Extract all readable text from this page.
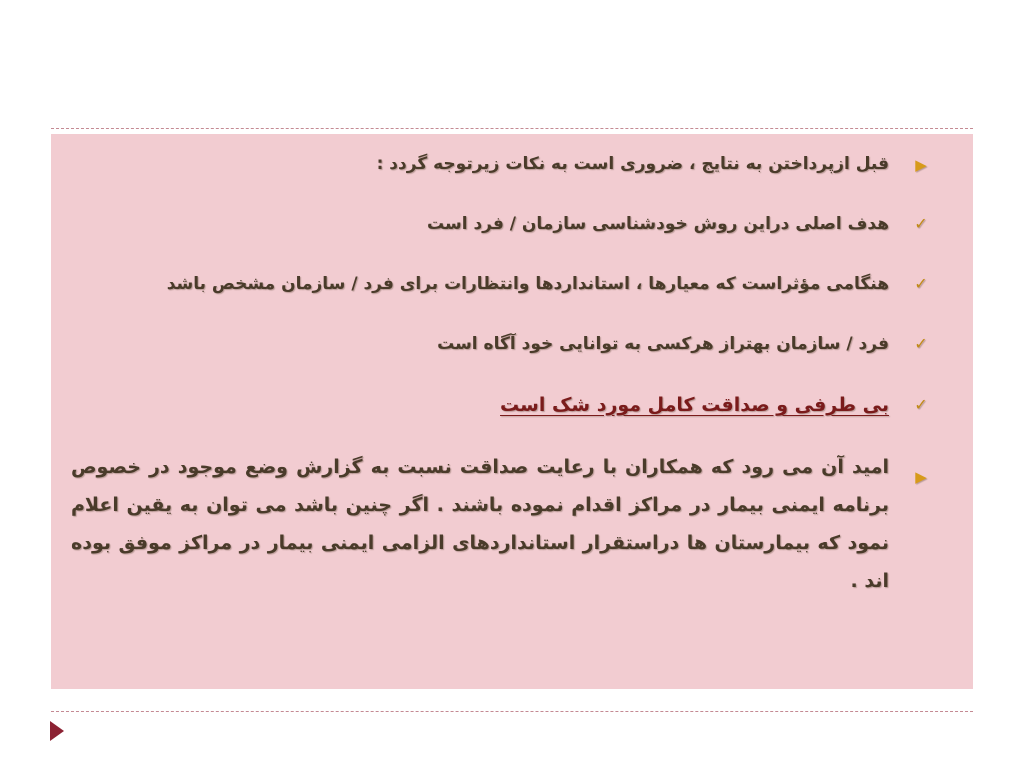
▶
قبل ازپرداختن به نتایج ، ضروری است به نکات زیرتوجه گردد :
✓
هدف اصلی دراین روش خودشناسی سازمان / فرد است
✓
هنگامی مؤثراست که معیارها ، استانداردها وانتظارات برای فرد / سازمان مشخص باشد
✓
فرد / سازمان بهتراز هرکسی به توانایی خود آگاه است
✓
بی طرفی و صداقت کامل مورد شک است
▶
امید آن می رود که همکاران با رعایت صداقت نسبت به گزارش وضع موجود در خصوص برنامه ایمنی بیمار در مراکز اقدام نموده باشند . اگر چنین باشد می توان به یقین اعلام نمود که بیمارستان ها دراستقرار استانداردهای الزامی ایمنی بیمار در مراکز موفق بوده اند .
